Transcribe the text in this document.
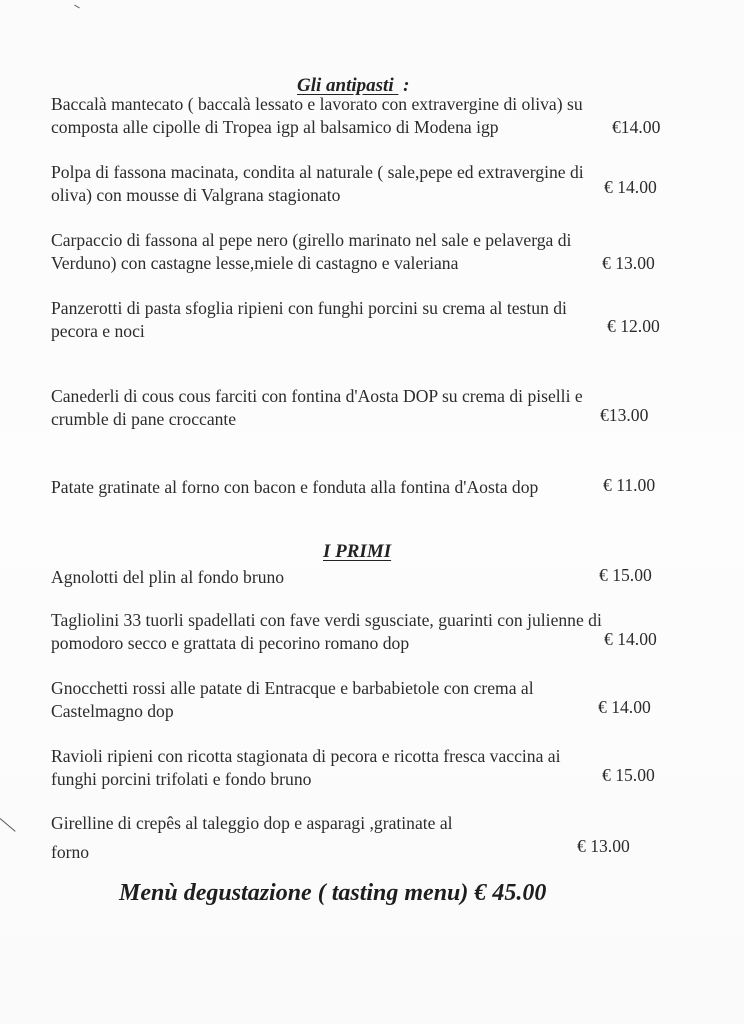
Gli antipasti :
Baccalà mantecato ( baccalà lessato e lavorato con extravergine di oliva) su
composta alle cipolle di Tropea igp al balsamico di Modena igp	€14.00
Polpa di fassona macinata, condita al naturale ( sale,pepe ed extravergine di
oliva) con mousse di Valgrana stagionato	€ 14.00
Carpaccio di fassona al pepe nero (girello marinato nel sale e pelaverga di
Verduno) con castagne lesse,miele di castagno e valeriana	€ 13.00
Panzerotti di pasta sfoglia ripieni con funghi porcini su crema al testun di
pecora e noci	€ 12.00
Canederli di cous cous farciti con fontina d'Aosta DOP su crema di piselli e
crumble di pane croccante	€13.00
Patate gratinate al forno con bacon e fonduta alla fontina d'Aosta dop	€ 11.00
I PRIMI
Agnolotti del plin al fondo bruno	€ 15.00
Tagliolini 33 tuorli spadellati con fave verdi sgusciate, guarinti con julienne di
pomodoro secco e grattata di pecorino romano dop	€ 14.00
Gnocchetti rossi alle patate di Entracque e barbabietole con crema al
Castelmagno dop	€ 14.00
Ravioli ripieni con ricotta stagionata di pecora e ricotta fresca vaccina ai
funghi porcini trifolati e fondo bruno	€ 15.00
Girelline di crepês al taleggio dop e asparagi ,gratinate al
forno	€ 13.00
Menù degustazione ( tasting menu) € 45.00
